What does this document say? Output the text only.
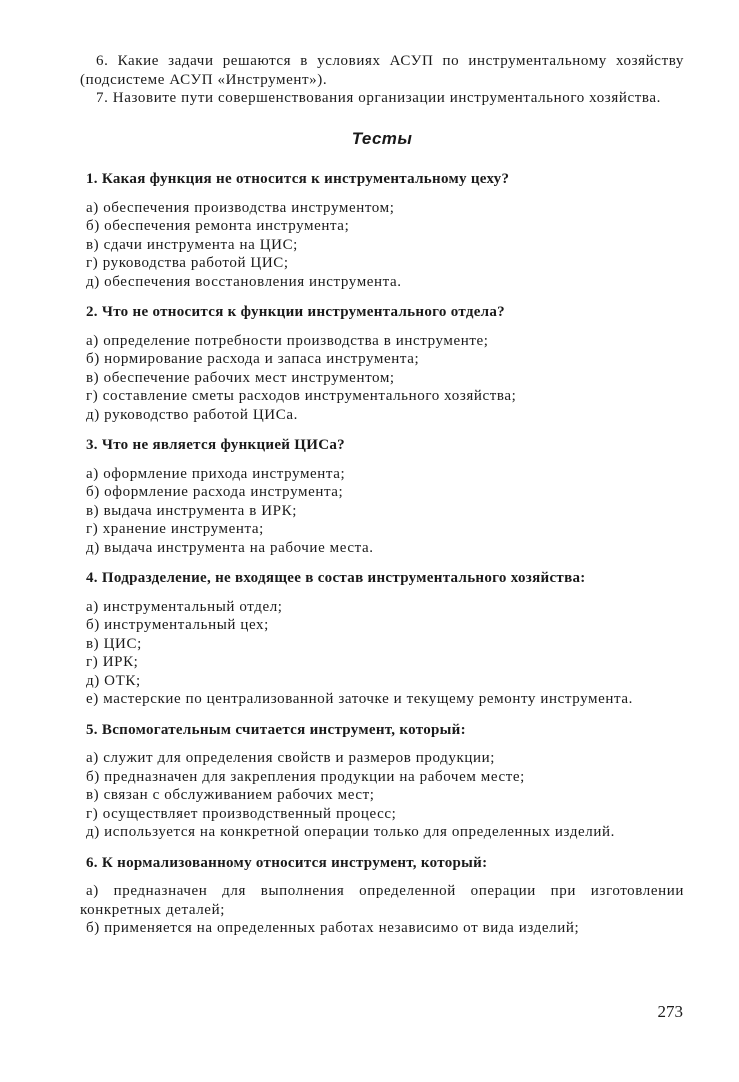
6. Какие задачи решаются в условиях АСУП по инструментальному хозяйству (подсистеме АСУП «Инструмент»).

7. Назовите пути совершенствования организации инструментального хозяйства.

Тесты

1. Какая функция не относится к инструментальному цеху?

а) обеспечения производства инструментом;

б) обеспечения ремонта инструмента;

в) сдачи инструмента на ЦИС;

г) руководства работой ЦИС;

д) обеспечения восстановления инструмента.

2. Что не относится к функции инструментального отдела?

а) определение потребности производства в инструменте;

б) нормирование расхода и запаса инструмента;

в) обеспечение рабочих мест инструментом;

г) составление сметы расходов инструментального хозяйства;

д) руководство работой ЦИСа.

3. Что не является функцией ЦИСа?

а) оформление прихода инструмента;

б) оформление расхода инструмента;

в) выдача инструмента в ИРК;

г) хранение инструмента;

д) выдача инструмента на рабочие места.

4. Подразделение, не входящее в состав инструментального хозяйства:

а) инструментальный отдел;

б) инструментальный цех;

в) ЦИС;

г) ИРК;

д) ОТК;

е) мастерские по централизованной заточке и текущему ремонту инструмента.

5. Вспомогательным считается инструмент, который:

а) служит для определения свойств и размеров продукции;

б) предназначен для закрепления продукции на рабочем месте;

в) связан с обслуживанием рабочих мест;

г) осуществляет производственный процесс;

д) используется на конкретной операции только для определенных изделий.

6. К нормализованному относится инструмент, который:

а) предназначен для выполнения определенной операции при изготовлении конкретных деталей;

б) применяется на определенных работах независимо от вида изделий;

273
